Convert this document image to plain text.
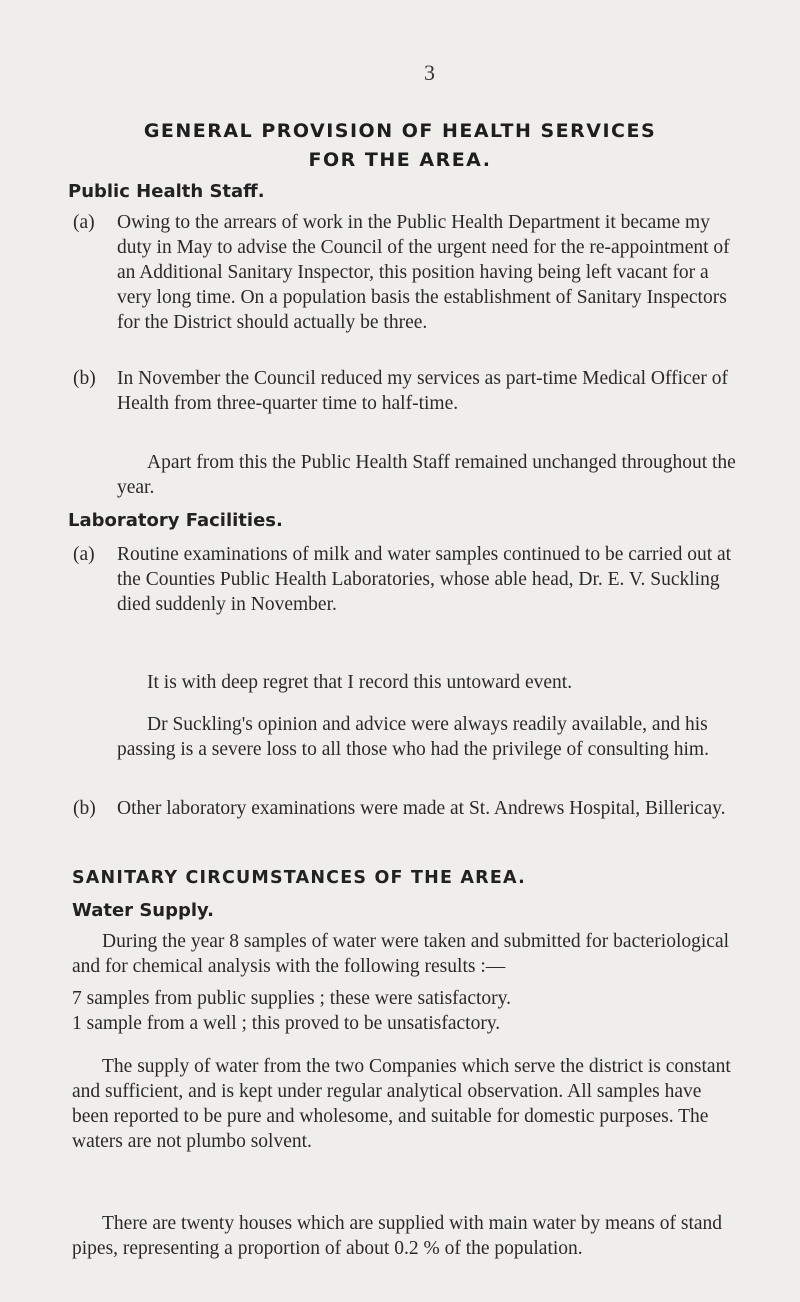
3
GENERAL PROVISION OF HEALTH SERVICES
FOR THE AREA.
Public Health Staff.
(a) Owing to the arrears of work in the Public Health Department it became my duty in May to advise the Council of the urgent need for the re-appointment of an Additional Sanitary Inspector, this position having being left vacant for a very long time. On a population basis the establishment of Sanitary Inspectors for the District should actually be three.

(b) In November the Council reduced my services as part-time Medical Officer of Health from three-quarter time to half-time.

Apart from this the Public Health Staff remained unchanged throughout the year.

Laboratory Facilities.
(a) Routine examinations of milk and water samples continued to be carried out at the Counties Public Health Laboratories, whose able head, Dr. E. V. Suckling died suddenly in November.

It is with deep regret that I record this untoward event.

Dr Suckling's opinion and advice were always readily available, and his passing is a severe loss to all those who had the privilege of consulting him.

(b) Other laboratory examinations were made at St. Andrews Hospital, Billericay.

SANITARY CIRCUMSTANCES OF THE AREA.
Water Supply.

During the year 8 samples of water were taken and submitted for bacteriological and for chemical analysis with the following results :—

7 samples from public supplies ; these were satisfactory.
1 sample from a well ; this proved to be unsatisfactory.

The supply of water from the two Companies which serve the district is constant and sufficient, and is kept under regular analytical observation. All samples have been reported to be pure and wholesome, and suitable for domestic purposes. The waters are not plumbo solvent.

There are twenty houses which are supplied with main water by means of stand pipes, representing a proportion of about 0.2 % of the population.
